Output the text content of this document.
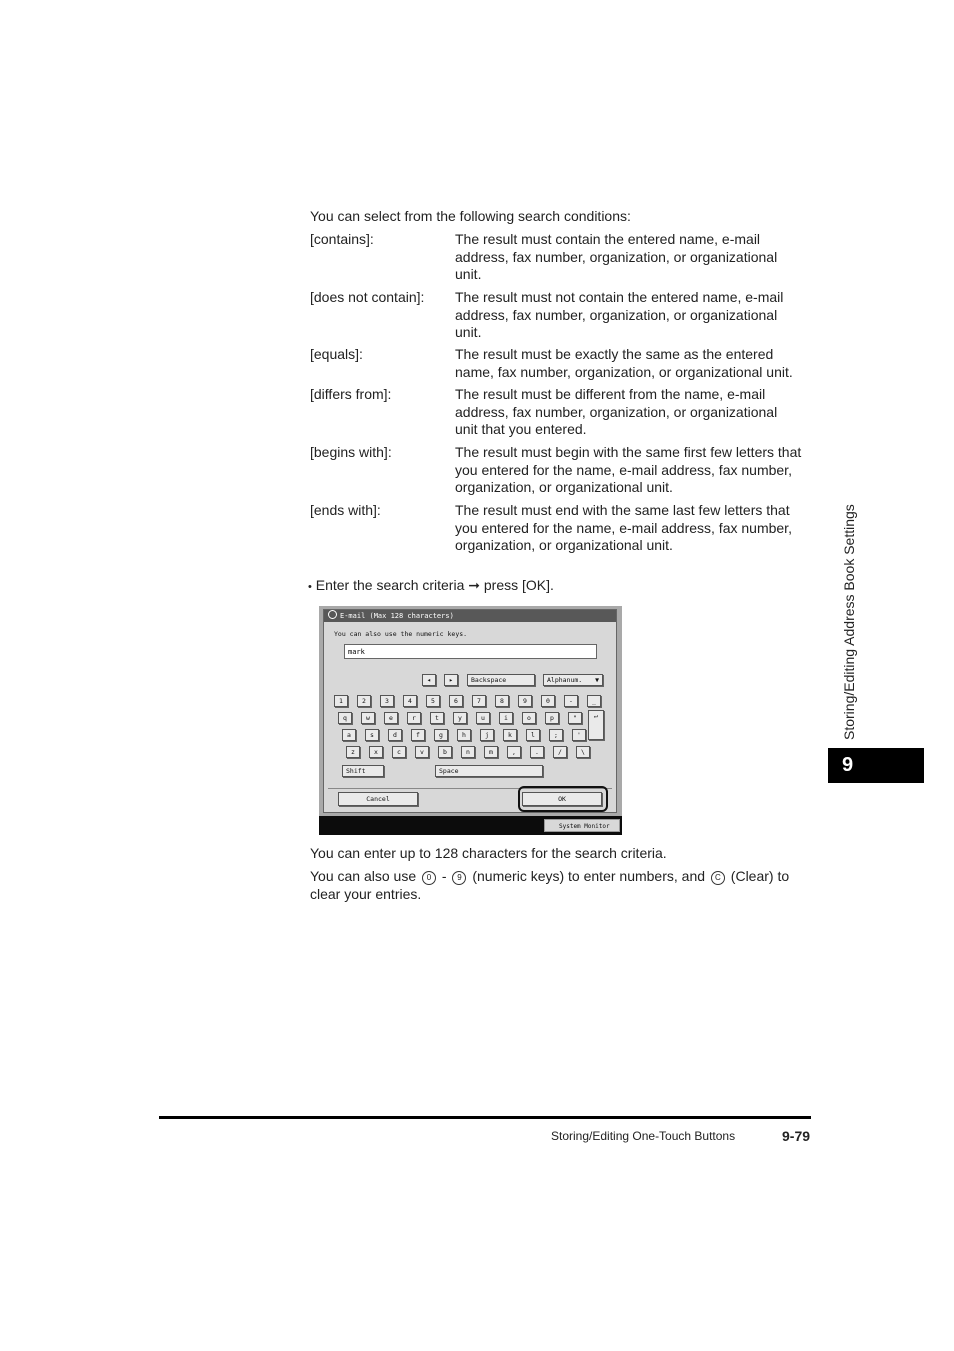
You can select from the following search conditions:
[contains]:	The result must contain the entered name, e-mail
address, fax number, organization, or organizational
unit.
[does not contain]: The result must not contain the entered name, e-mail
address, fax number, organization, or organizational
unit.
[equals]:	The result must be exactly the same as the entered
name, fax number, organization, or organizational unit.
[differs from]:	The result must be different from the name, e-mail
address, fax number, organization, or organizational
unit that you entered.
[begins with]:	The result must begin with the same first few letters that
you entered for the name, e-mail address, fax number,
organization, or organizational unit.
[ends with]:	The result must end with the same last few letters that
you entered for the name, e-mail address, fax number,
organization, or organizational unit.
• Enter the search criteria ➞ press [OK].
E-mail (Max 128 characters)
You can also use the numeric keys.
mark
◂	▸	Backspace	Alphanum. ▼
1	2	3	4	5	6	7	8	9	0	-	_
q	w	e	r	t	y	u	i	o	p	"	↵
a	s	d	f	g	h	j	k	l	;	'
z	x	c	v	b	n	m	,	.	/	\
Shift	Space
Cancel	OK
System Monitor
You can enter up to 128 characters for the search criteria.
You can also use 0 - 9 (numeric keys) to enter numbers, and C (Clear) to
clear your entries.
Storing/Editing Address Book Settings
9
Storing/Editing One-Touch Buttons	9-79
